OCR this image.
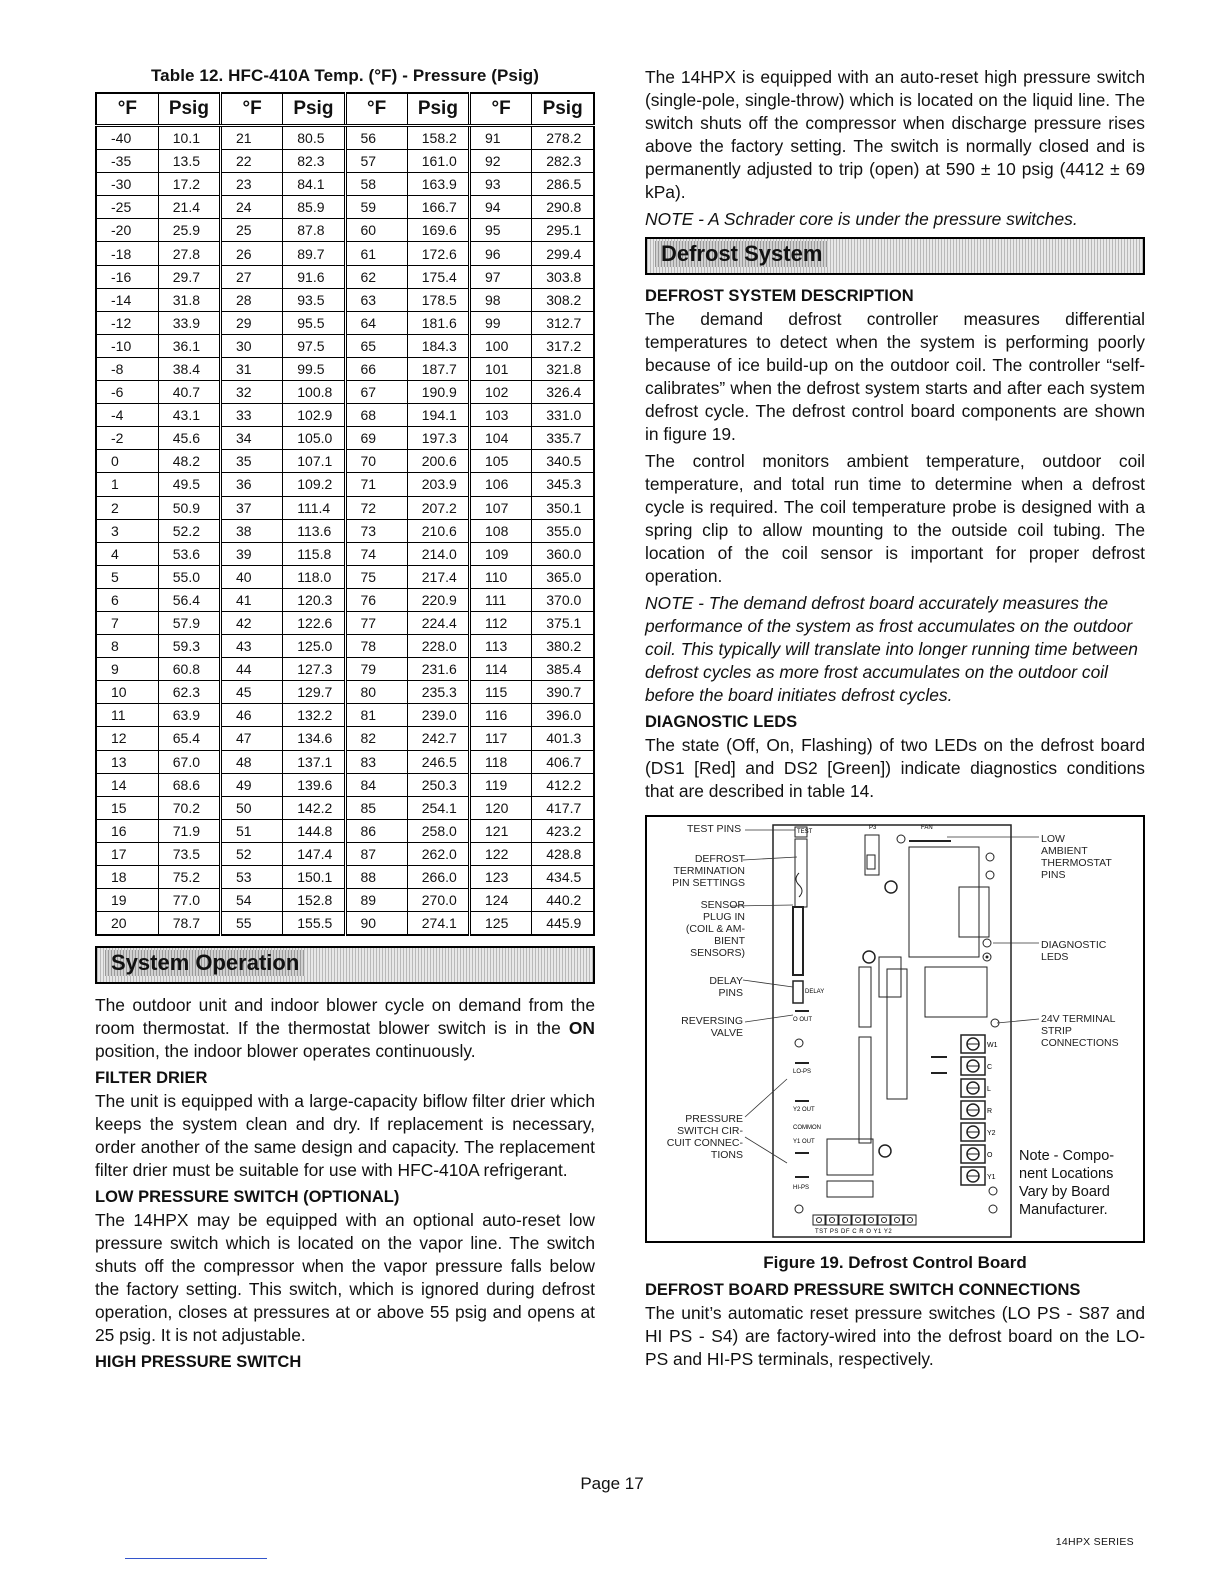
Table 12. HFC-410A Temp. (°F) - Pressure (Psig)
°F	Psig	°F	Psig	°F	Psig	°F	Psig
-40	10.1	21	80.5	56	158.2	91	278.2
-35	13.5	22	82.3	57	161.0	92	282.3
-30	17.2	23	84.1	58	163.9	93	286.5
-25	21.4	24	85.9	59	166.7	94	290.8
-20	25.9	25	87.8	60	169.6	95	295.1
-18	27.8	26	89.7	61	172.6	96	299.4
-16	29.7	27	91.6	62	175.4	97	303.8
-14	31.8	28	93.5	63	178.5	98	308.2
-12	33.9	29	95.5	64	181.6	99	312.7
-10	36.1	30	97.5	65	184.3	100	317.2
-8	38.4	31	99.5	66	187.7	101	321.8
-6	40.7	32	100.8	67	190.9	102	326.4
-4	43.1	33	102.9	68	194.1	103	331.0
-2	45.6	34	105.0	69	197.3	104	335.7
0	48.2	35	107.1	70	200.6	105	340.5
1	49.5	36	109.2	71	203.9	106	345.3
2	50.9	37	111.4	72	207.2	107	350.1
3	52.2	38	113.6	73	210.6	108	355.0
4	53.6	39	115.8	74	214.0	109	360.0
5	55.0	40	118.0	75	217.4	110	365.0
6	56.4	41	120.3	76	220.9	111	370.0
7	57.9	42	122.6	77	224.4	112	375.1
8	59.3	43	125.0	78	228.0	113	380.2
9	60.8	44	127.3	79	231.6	114	385.4
10	62.3	45	129.7	80	235.3	115	390.7
11	63.9	46	132.2	81	239.0	116	396.0
12	65.4	47	134.6	82	242.7	117	401.3
13	67.0	48	137.1	83	246.5	118	406.7
14	68.6	49	139.6	84	250.3	119	412.2
15	70.2	50	142.2	85	254.1	120	417.7
16	71.9	51	144.8	86	258.0	121	423.2
17	73.5	52	147.4	87	262.0	122	428.8
18	75.2	53	150.1	88	266.0	123	434.5
19	77.0	54	152.8	89	270.0	124	440.2
20	78.7	55	155.5	90	274.1	125	445.9
System Operation

The outdoor unit and indoor blower cycle on demand from the room thermostat. If the thermostat blower switch is in the ON position, the indoor blower operates continuously.

FILTER DRIER

The unit is equipped with a large-capacity biflow filter drier which keeps the system clean and dry. If replacement is necessary, order another of the same design and capacity. The replacement filter drier must be suitable for use with HFC-410A refrigerant.

LOW PRESSURE SWITCH (OPTIONAL)

The 14HPX may be equipped with an optional auto-reset low pressure switch which is located on the vapor line. The switch shuts off the compressor when the vapor pressure falls below the factory setting. This switch, which is ignored during defrost operation, closes at pressures at or above 55 psig and opens at 25 psig. It is not adjustable.

HIGH PRESSURE SWITCH

The 14HPX is equipped with an auto-reset high pressure switch (single-pole, single-throw) which is located on the liquid line. The switch shuts off the compressor when discharge pressure rises above the factory setting. The switch is normally closed and is permanently adjusted to trip (open) at 590 ± 10 psig (4412 ± 69 kPa).

NOTE - A Schrader core is under the pressure switches.

Defrost System
DEFROST SYSTEM DESCRIPTION

The demand defrost controller measures differential temperatures to detect when the system is performing poorly because of ice build-up on the outdoor coil. The controller “self-calibrates” when the defrost system starts and after each system defrost cycle. The defrost control board components are shown in figure 19.

The control monitors ambient temperature, outdoor coil temperature, and total run time to determine when a defrost cycle is required. The coil temperature probe is designed with a spring clip to allow mounting to the outside coil tubing. The location of the coil sensor is important for proper defrost operation.

NOTE - The demand defrost board accurately measures the performance of the system as frost accumulates on the outdoor coil. This typically will translate into longer running time between defrost cycles as more frost accumulates on the outdoor coil before the board initiates defrost cycles.

DIAGNOSTIC LEDS

The state (Off, On, Flashing) of two LEDs on the defrost board (DS1 [Red] and DS2 [Green]) indicate diagnostics conditions that are described in table 14.

DELAY
O OUT
LO-PS
Y2 OUT
COMMON
Y1 OUT
HI-PS
W1
C
L
R
Y2
O
Y1
P3	FAN
TEST
TST PS DF C R O Y1 Y2
TEST PINS
DEFROST
TERMINATION
PIN SETTINGS
SENSOR
PLUG IN
(COIL & AM-
BIENT
SENSORS)
DELAY
PINS
REVERSING
VALVE
PRESSURE
SWITCH CIR-
CUIT CONNEC-
TIONS
LOW
AMBIENT
THERMOSTAT
PINS
DIAGNOSTIC
LEDS
24V TERMINAL
STRIP
CONNECTIONS
Note - Compo-
nent Locations
Vary by Board
Manufacturer.
Figure 19. Defrost Control Board
DEFROST BOARD PRESSURE SWITCH CONNECTIONS

The unit’s automatic reset pressure switches (LO PS - S87 and HI PS - S4) are factory-wired into the defrost board on the LO-PS and HI-PS terminals, respectively.

Page 17
14HPX SERIES
